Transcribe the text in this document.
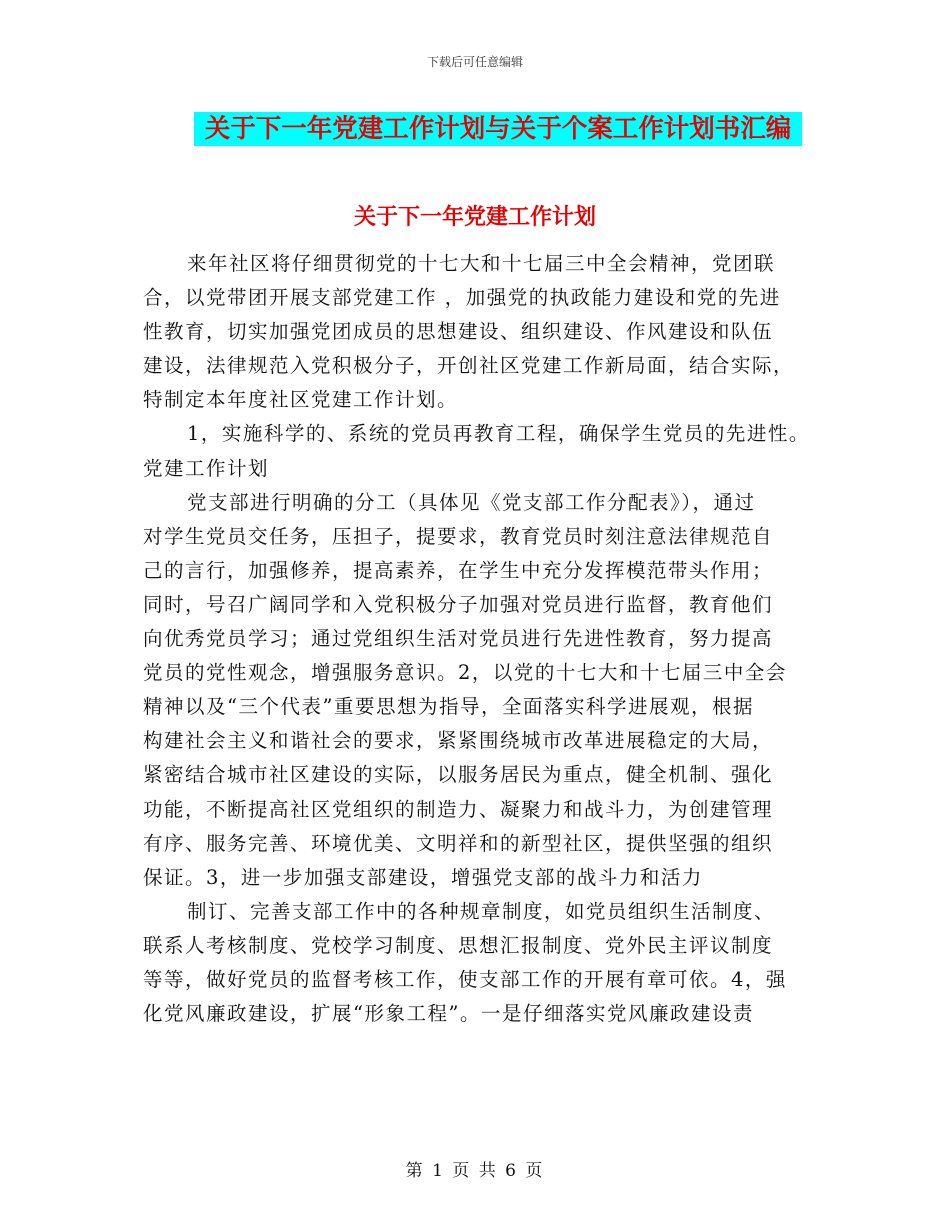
下载后可任意编辑
关于下一年党建工作计划与关于个案工作计划书汇编
关于下一年党建工作计划
来年社区将仔细贯彻党的十七大和十七届三中全会精神，党团联
合，以党带团开展支部党建工作 ，加强党的执政能力建设和党的先进
性教育，切实加强党团成员的思想建设、组织建设、作风建设和队伍
建设，法律规范入党积极分子，开创社区党建工作新局面，结合实际，
特制定本年度社区党建工作计划。
1，实施科学的、系统的党员再教育工程，确保学生党员的先进性。
党建工作计划
党支部进行明确的分工（具体见《党支部工作分配表》），通过
对学生党员交任务，压担子，提要求，教育党员时刻注意法律规范自
己的言行，加强修养，提高素养，在学生中充分发挥模范带头作用；
同时，号召广阔同学和入党积极分子加强对党员进行监督，教育他们
向优秀党员学习；通过党组织生活对党员进行先进性教育，努力提高
党员的党性观念，增强服务意识。2，以党的十七大和十七届三中全会
精神以及“三个代表”重要思想为指导，全面落实科学进展观，根据
构建社会主义和谐社会的要求，紧紧围绕城市改革进展稳定的大局，
紧密结合城市社区建设的实际，以服务居民为重点，健全机制、强化
功能，不断提高社区党组织的制造力、凝聚力和战斗力，为创建管理
有序、服务完善、环境优美、文明祥和的新型社区，提供坚强的组织
保证。3，进一步加强支部建设，增强党支部的战斗力和活力
制订、完善支部工作中的各种规章制度，如党员组织生活制度、
联系人考核制度、党校学习制度、思想汇报制度、党外民主评议制度
等等，做好党员的监督考核工作，使支部工作的开展有章可依。4，强
化党风廉政建设，扩展“形象工程”。一是仔细落实党风廉政建设责
第 1 页 共 6 页
